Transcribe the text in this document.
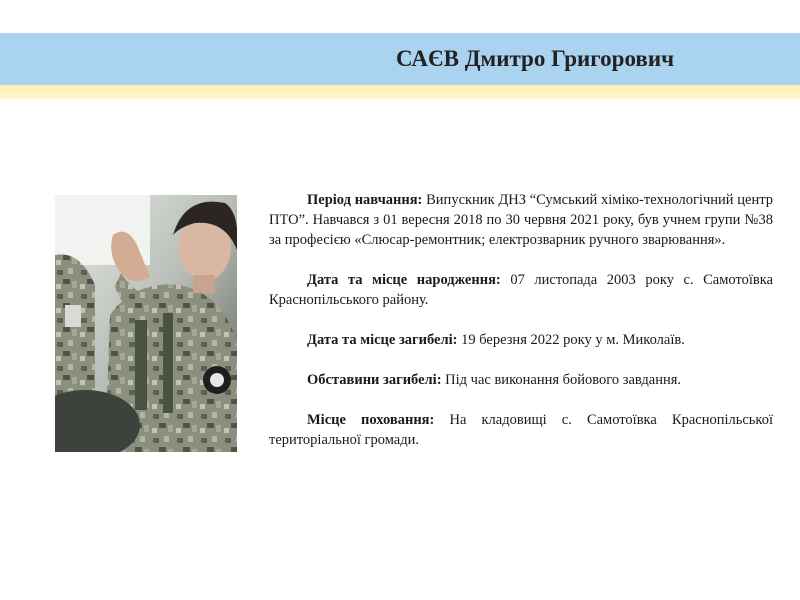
САЄВ Дмитро Григорович

Період навчання: Випускник ДНЗ “Сумський хіміко-технологічний центр ПТО”. Навчався з 01 вересня 2018 по 30 червня 2021 року, був учнем групи №38 за професією «Слюсар-ремонтник; електрозварник ручного зварювання».

Дата та місце народження: 07 листопада 2003 року с. Самотоївка Краснопільського району.

Дата та місце загибелі: 19 березня 2022 року у м. Миколаїв.

Обставини загибелі: Під час виконання бойового завдання.

Місце поховання: На кладовищі с. Самотоївка Краснопільської територіальної громади.
